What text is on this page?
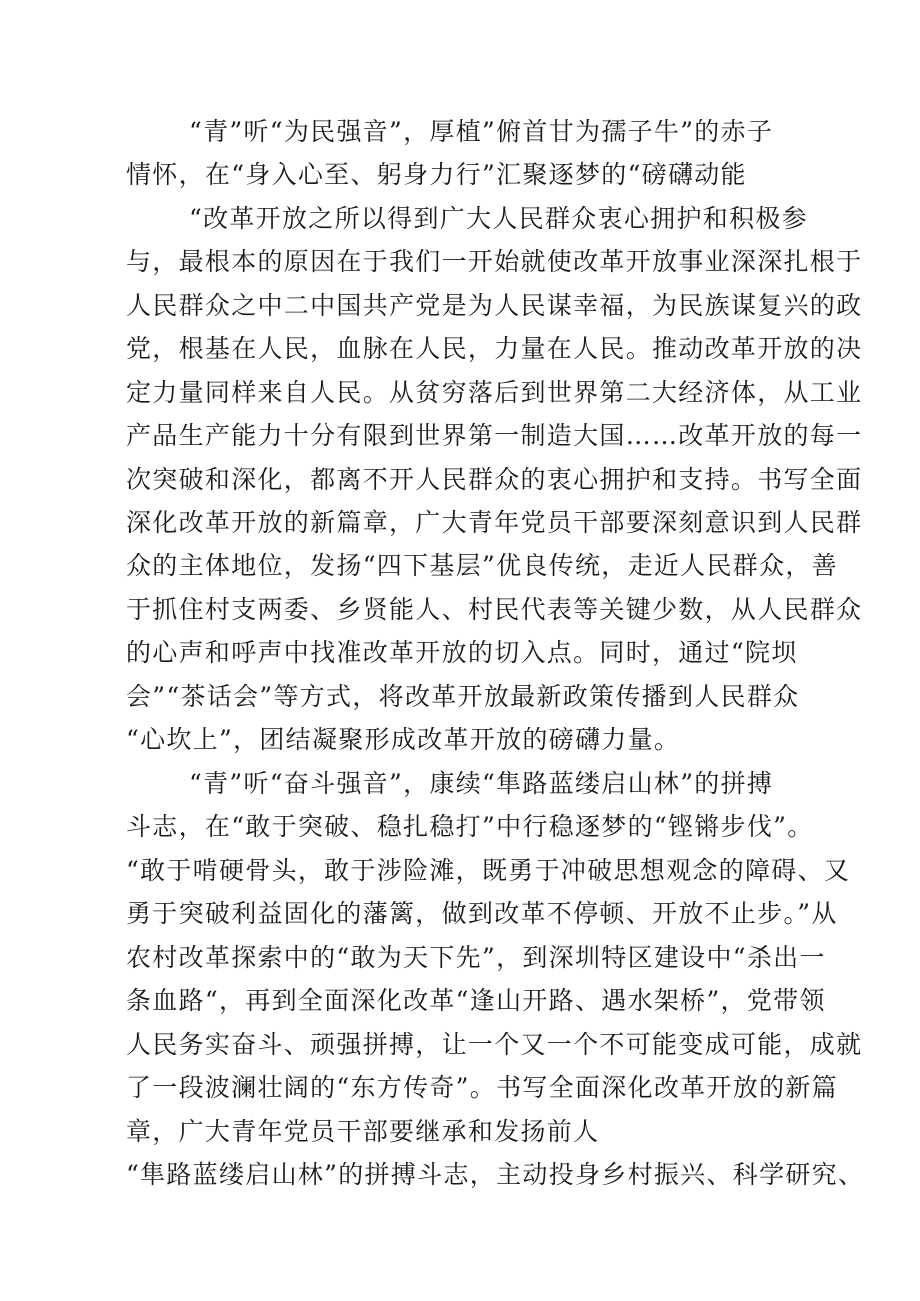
“青”听“为民强音”，厚植”俯首甘为孺子牛”的赤子
情怀，在“身入心至、躬身力行”汇聚逐梦的“磅礴动能
“改革开放之所以得到广大人民群众衷心拥护和积极参
与，最根本的原因在于我们一开始就使改革开放事业深深扎根于
人民群众之中二中国共产党是为人民谋幸福，为民族谋复兴的政
党，根基在人民，血脉在人民，力量在人民。推动改革开放的决
定力量同样来自人民。从贫穷落后到世界第二大经济体，从工业
产品生产能力十分有限到世界第一制造大国……改革开放的每一
次突破和深化，都离不开人民群众的衷心拥护和支持。书写全面
深化改革开放的新篇章，广大青年党员干部要深刻意识到人民群
众的主体地位，发扬“四下基层”优良传统，走近人民群众，善
于抓住村支两委、乡贤能人、村民代表等关键少数，从人民群众
的心声和呼声中找准改革开放的切入点。同时，通过“院坝
会”“茶话会”等方式，将改革开放最新政策传播到人民群众
“心坎上”，团结凝聚形成改革开放的磅礴力量。
“青”听“奋斗强音”，康续“隼路蓝缕启山林”的拼搏
斗志，在“敢于突破、稳扎稳打”中行稳逐梦的“铿锵步伐”。
“敢于啃硬骨头，敢于涉险滩，既勇于冲破思想观念的障碍、又
勇于突破利益固化的藩篱，做到改革不停顿、开放不止步。”从
农村改革探索中的“敢为天下先”，到深圳特区建设中“杀出一
条血路“，再到全面深化改革“逢山开路、遇水架桥”，党带领
人民务实奋斗、顽强拼搏，让一个又一个不可能变成可能，成就
了一段波澜壮阔的“东方传奇”。书写全面深化改革开放的新篇
章，广大青年党员干部要继承和发扬前人
“隼路蓝缕启山林”的拼搏斗志，主动投身乡村振兴、科学研究、
